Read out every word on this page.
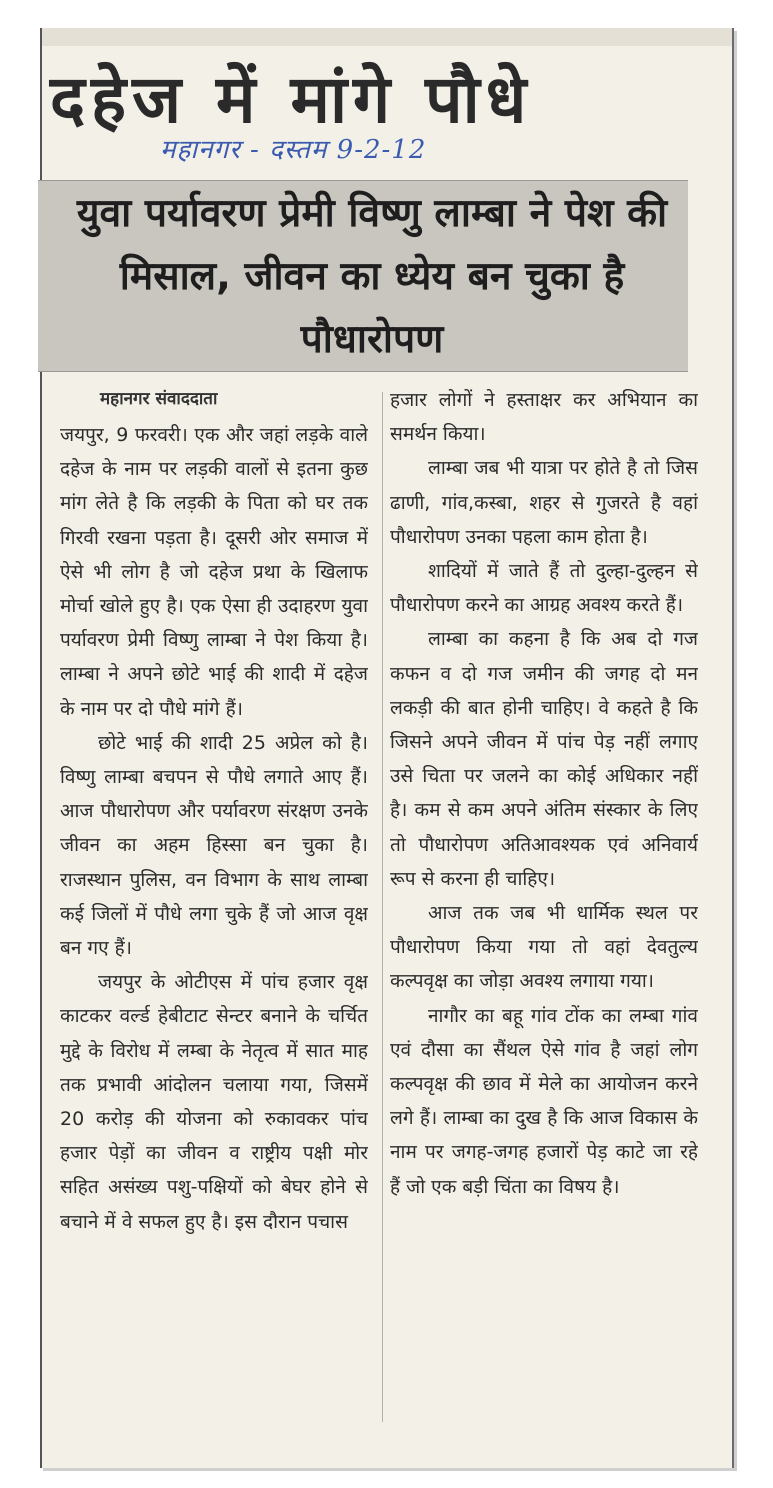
दहेज में मांगे पौधे
महानगर - दस्तम 9-2-12
युवा पर्यावरण प्रेमी विष्णु लाम्बा ने पेश की मिसाल, जीवन का ध्येय बन चुका है पौधारोपण
महानगर संवाददाता

जयपुर, 9 फरवरी। एक और जहां लड़के वाले दहेज के नाम पर लड़की वालों से इतना कुछ मांग लेते है कि लड़की के पिता को घर तक गिरवी रखना पड़ता है। दूसरी ओर समाज में ऐसे भी लोग है जो दहेज प्रथा के खिलाफ मोर्चा खोले हुए है। एक ऐसा ही उदाहरण युवा पर्यावरण प्रेमी विष्णु लाम्बा ने पेश किया है। लाम्बा ने अपने छोटे भाई की शादी में दहेज के नाम पर दो पौधे मांगे हैं।

छोटे भाई की शादी 25 अप्रेल को है। विष्णु लाम्बा बचपन से पौधे लगाते आए हैं। आज पौधारोपण और पर्यावरण संरक्षण उनके जीवन का अहम हिस्सा बन चुका है। राजस्थान पुलिस, वन विभाग के साथ लाम्बा कई जिलों में पौधे लगा चुके हैं जो आज वृक्ष बन गए हैं।

जयपुर के ओटीएस में पांच हजार वृक्ष काटकर वर्ल्ड हेबीटाट सेन्टर बनाने के चर्चित मुद्दे के विरोध में लम्बा के नेतृत्व में सात माह तक प्रभावी आंदोलन चलाया गया, जिसमें 20 करोड़ की योजना को रुकावकर पांच हजार पेड़ों का जीवन व राष्ट्रीय पक्षी मोर सहित असंख्य पशु-पक्षियों को बेघर होने से बचाने में वे सफल हुए है। इस दौरान पचास

हजार लोगों ने हस्ताक्षर कर अभियान का समर्थन किया।

लाम्बा जब भी यात्रा पर होते है तो जिस ढाणी, गांव,कस्बा, शहर से गुजरते है वहां पौधारोपण उनका पहला काम होता है।

शादियों में जाते हैं तो दुल्हा-दुल्हन से पौधारोपण करने का आग्रह अवश्य करते हैं।

लाम्बा का कहना है कि अब दो गज कफन व दो गज जमीन की जगह दो मन लकड़ी की बात होनी चाहिए। वे कहते है कि जिसने अपने जीवन में पांच पेड़ नहीं लगाए उसे चिता पर जलने का कोई अधिकार नहीं है। कम से कम अपने अंतिम संस्कार के लिए तो पौधारोपण अतिआवश्यक एवं अनिवार्य रूप से करना ही चाहिए।

आज तक जब भी धार्मिक स्थल पर पौधारोपण किया गया तो वहां देवतुल्य कल्पवृक्ष का जोड़ा अवश्य लगाया गया।

नागौर का बहू गांव टोंक का लम्बा गांव एवं दौसा का सैंथल ऐसे गांव है जहां लोग कल्पवृक्ष की छाव में मेले का आयोजन करने लगे हैं। लाम्बा का दुख है कि आज विकास के नाम पर जगह-जगह हजारों पेड़ काटे जा रहे हैं जो एक बड़ी चिंता का विषय है।
